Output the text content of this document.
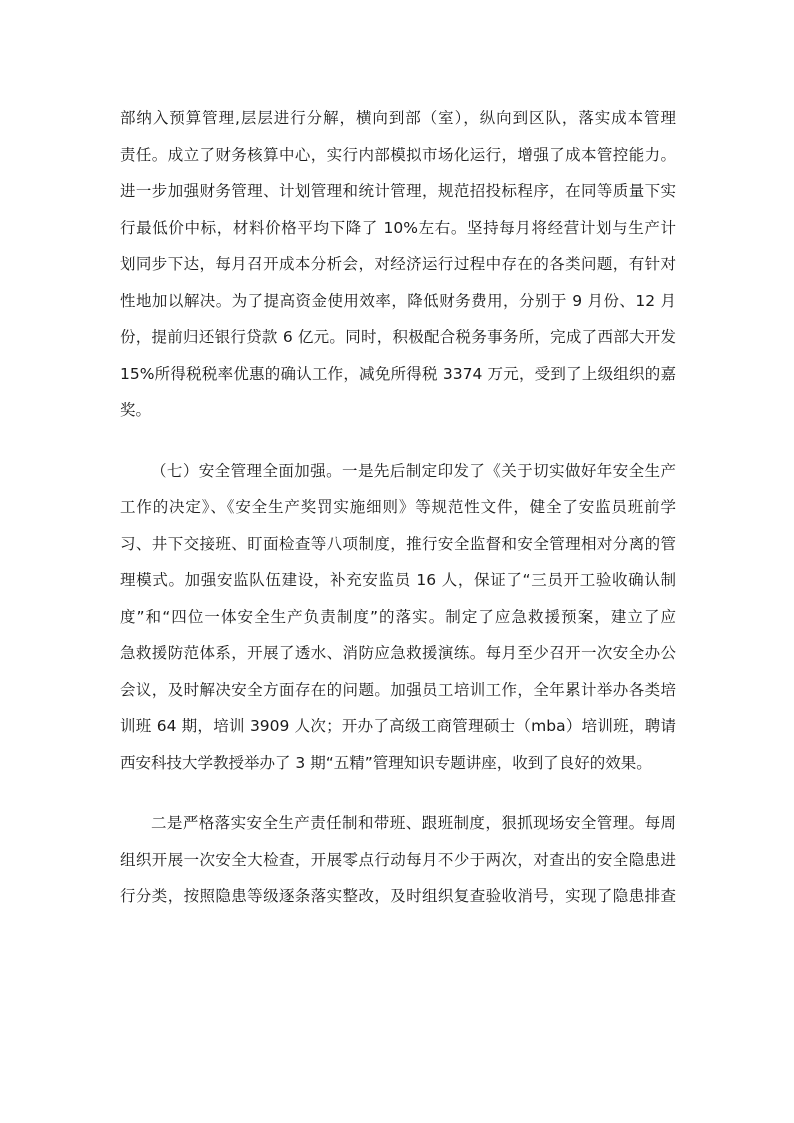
部纳入预算管理,层层进行分解，横向到部（室），纵向到区队，落实成本管理
责任。成立了财务核算中心，实行内部模拟市场化运行，增强了成本管控能力。
进一步加强财务管理、计划管理和统计管理，规范招投标程序，在同等质量下实
行最低价中标，材料价格平均下降了 10%左右。坚持每月将经营计划与生产计
划同步下达，每月召开成本分析会，对经济运行过程中存在的各类问题，有针对
性地加以解决。为了提高资金使用效率，降低财务费用，分别于 9 月份、12 月
份，提前归还银行贷款 6 亿元。同时，积极配合税务事务所，完成了西部大开发
15%所得税税率优惠的确认工作，减免所得税 3374 万元，受到了上级组织的嘉
奖。

（七）安全管理全面加强。一是先后制定印发了《关于切实做好年安全生产
工作的决定》、《安全生产奖罚实施细则》等规范性文件，健全了安监员班前学
习、井下交接班、盯面检查等八项制度，推行安全监督和安全管理相对分离的管
理模式。加强安监队伍建设，补充安监员 16 人，保证了“三员开工验收确认制
度”和“四位一体安全生产负责制度”的落实。制定了应急救援预案，建立了应
急救援防范体系，开展了透水、消防应急救援演练。每月至少召开一次安全办公
会议，及时解决安全方面存在的问题。加强员工培训工作，全年累计举办各类培
训班 64 期，培训 3909 人次；开办了高级工商管理硕士（mba）培训班，聘请
西安科技大学教授举办了 3 期“五精”管理知识专题讲座，收到了良好的效果。

二是严格落实安全生产责任制和带班、跟班制度，狠抓现场安全管理。每周
组织开展一次安全大检查，开展零点行动每月不少于两次，对查出的安全隐患进
行分类，按照隐患等级逐条落实整改，及时组织复查验收消号，实现了隐患排查
